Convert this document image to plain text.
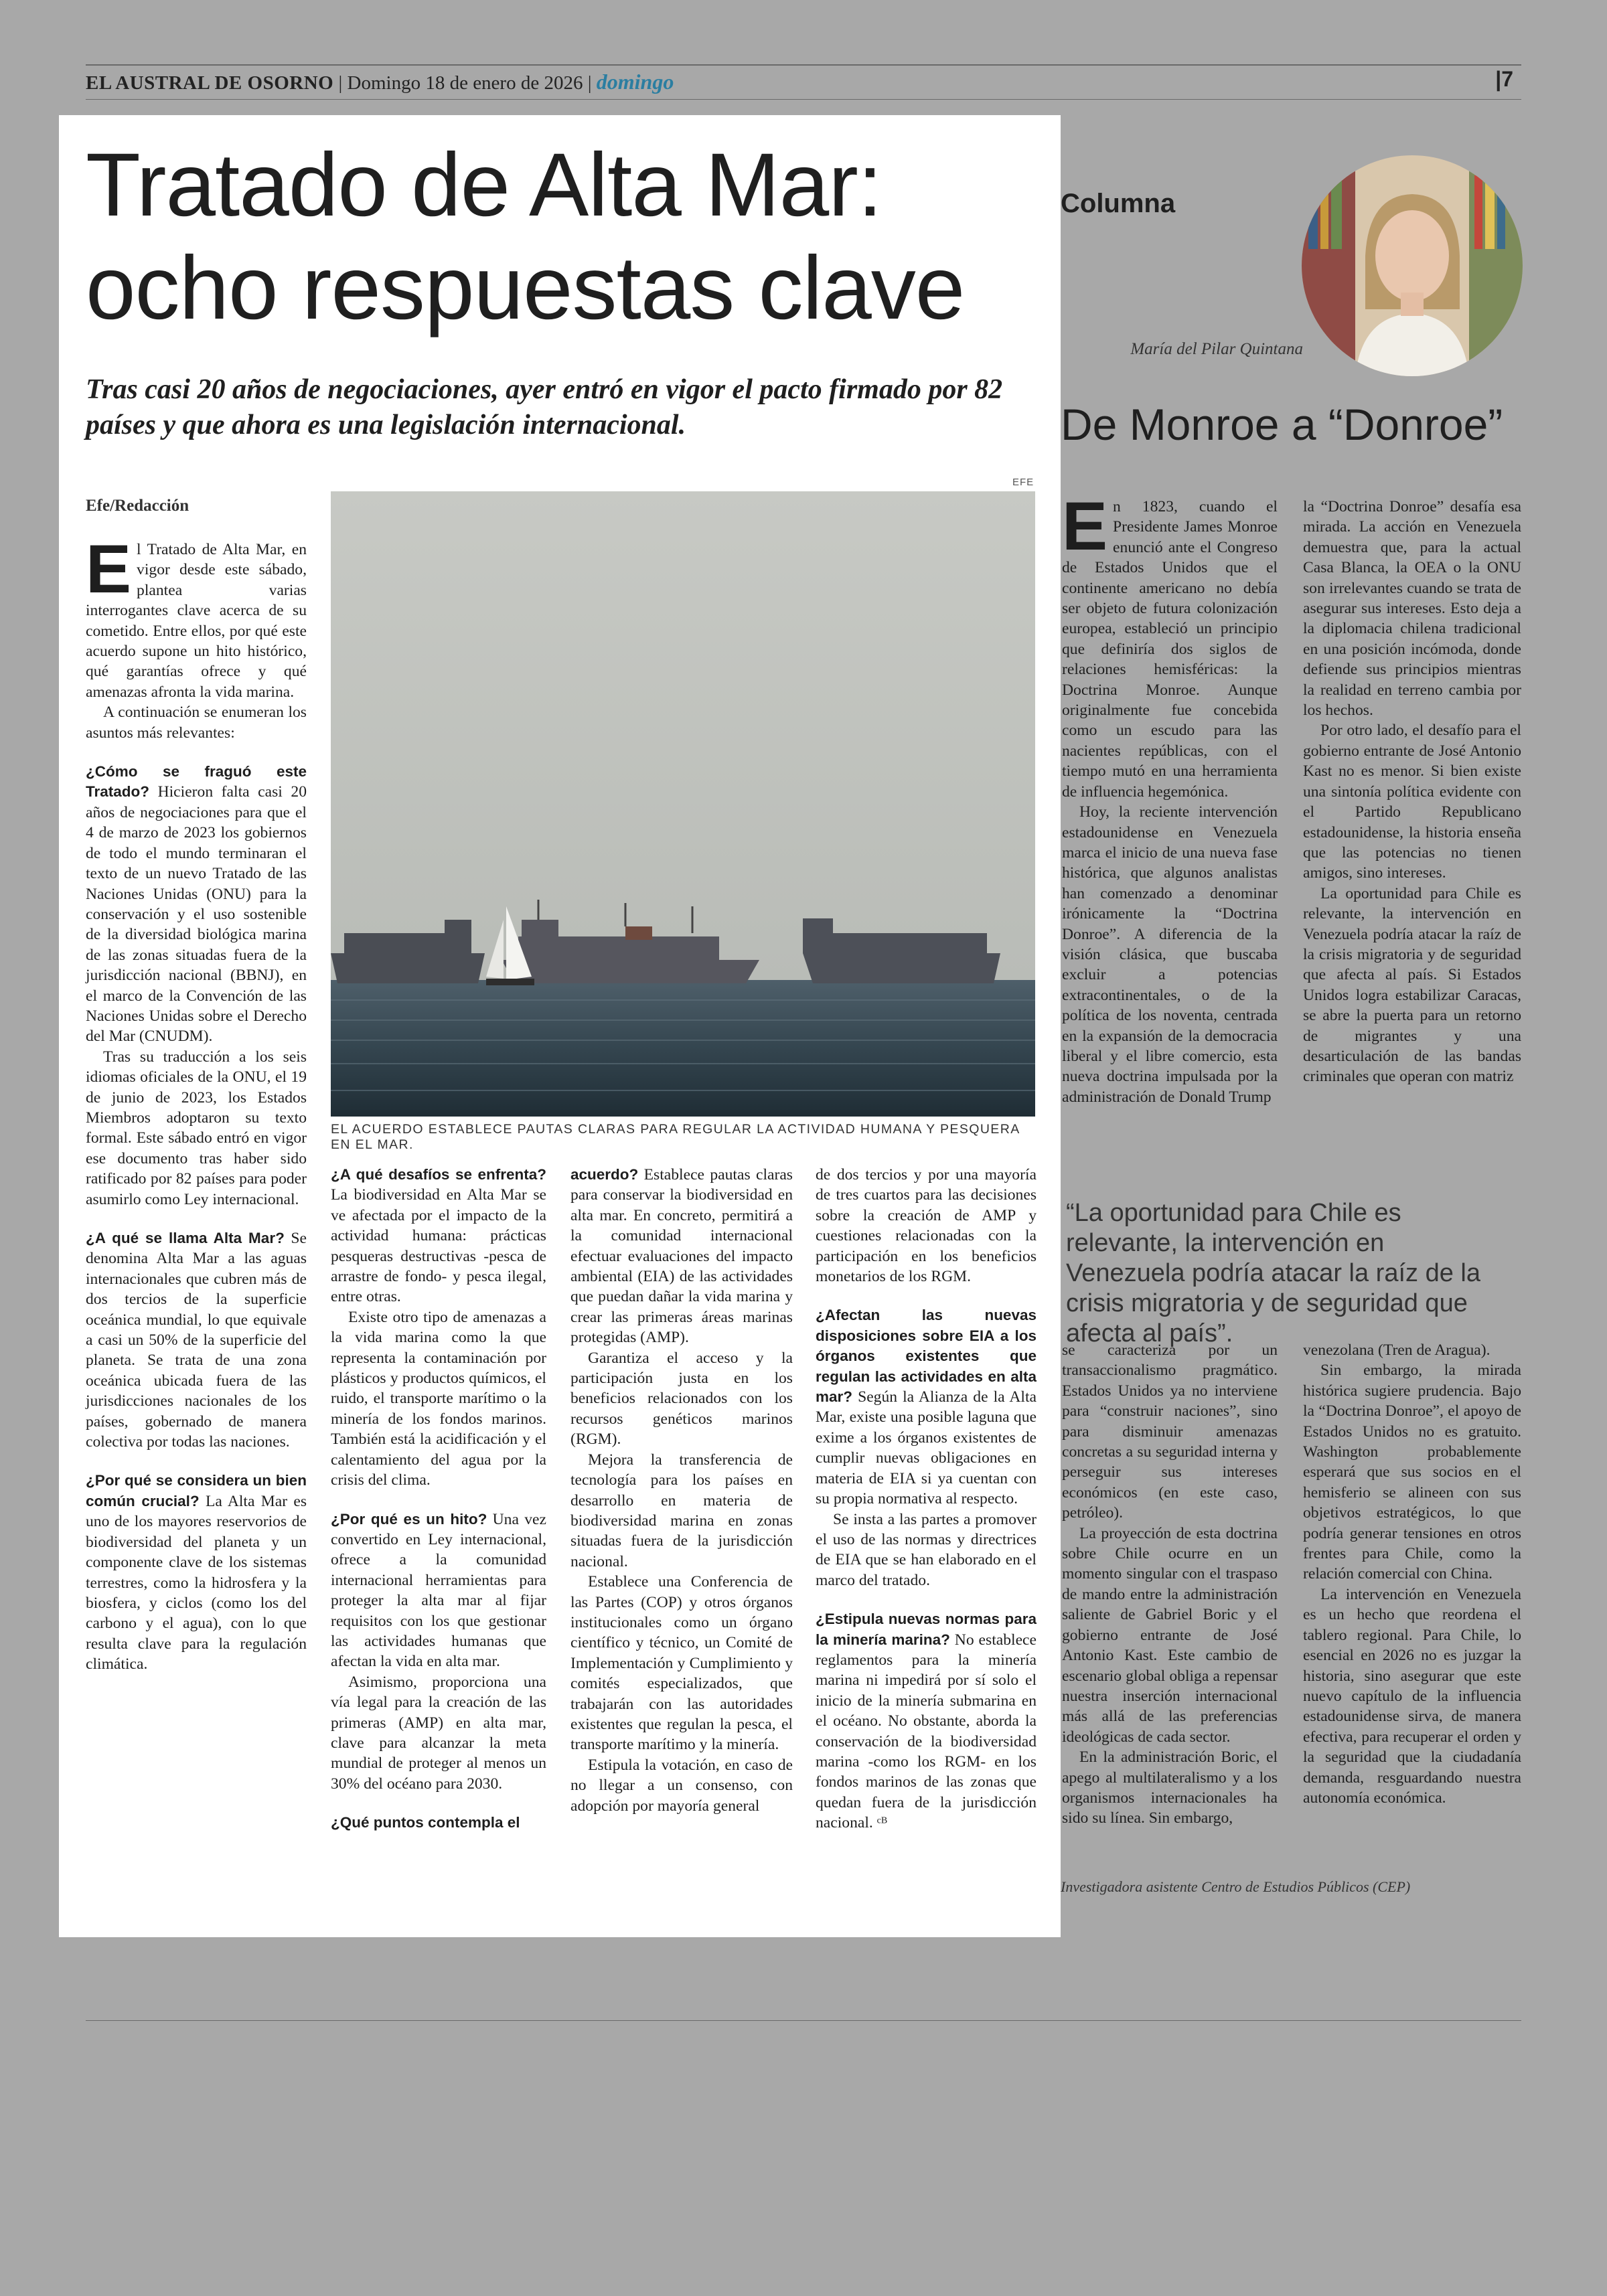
EL AUSTRAL DE OSORNO | Domingo 18 de enero de 2026 | domingo	|7
Tratado de Alta Mar:
ocho respuestas clave
Tras casi 20 años de negociaciones, ayer entró en vigor el pacto firmado por 82 países y que ahora es una legislación internacional.
Efe/Redacción

El Tratado de Alta Mar, en vigor desde este sábado, plantea varias interrogantes clave acerca de su cometido. Entre ellos, por qué este acuerdo supone un hito histórico, qué garantías ofrece y qué amenazas afronta la vida marina.

A continuación se enumeran los asuntos más relevantes:

¿Cómo se fraguó este Tratado? Hicieron falta casi 20 años de negociaciones para que el 4 de marzo de 2023 los gobiernos de todo el mundo terminaran el texto de un nuevo Tratado de las Naciones Unidas (ONU) para la conservación y el uso sostenible de la diversidad biológica marina de las zonas situadas fuera de la jurisdicción nacional (BBNJ), en el marco de la Convención de las Naciones Unidas sobre el Derecho del Mar (CNUDM).

Tras su traducción a los seis idiomas oficiales de la ONU, el 19 de junio de 2023, los Estados Miembros adoptaron su texto formal. Este sábado entró en vigor ese documento tras haber sido ratificado por 82 países para poder asumirlo como Ley internacional.

¿A qué se llama Alta Mar? Se denomina Alta Mar a las aguas internacionales que cubren más de dos tercios de la superficie oceánica mundial, lo que equivale a casi un 50% de la superficie del planeta. Se trata de una zona oceánica ubicada fuera de las jurisdicciones nacionales de los países, gobernado de manera colectiva por todas las naciones.

¿Por qué se considera un bien común crucial? La Alta Mar es uno de los mayores reservorios de biodiversidad del planeta y un componente clave de los sistemas terrestres, como la hidrosfera y la biosfera, y ciclos (como los del carbono y el agua), con lo que resulta clave para la regulación climática.

EFE
EL ACUERDO ESTABLECE PAUTAS CLARAS PARA REGULAR LA ACTIVIDAD HUMANA Y PESQUERA EN EL MAR.

¿A qué desafíos se enfrenta? La biodiversidad en Alta Mar se ve afectada por el impacto de la actividad humana: prácticas pesqueras destructivas -pesca de arrastre de fondo- y pesca ilegal, entre otras.

Existe otro tipo de amenazas a la vida marina como la que representa la contaminación por plásticos y productos químicos, el ruido, el transporte marítimo o la minería de los fondos marinos. También está la acidificación y el calentamiento del agua por la crisis del clima.

¿Por qué es un hito? Una vez convertido en Ley internacional, ofrece a la comunidad internacional herramientas para proteger la alta mar al fijar requisitos con los que gestionar las actividades humanas que afectan la vida en alta mar.

Asimismo, proporciona una vía legal para la creación de las primeras (AMP) en alta mar, clave para alcanzar la meta mundial de proteger al menos un 30% del océano para 2030.

¿Qué puntos contempla el

acuerdo? Establece pautas claras para conservar la biodiversidad en alta mar. En concreto, permitirá a la comunidad internacional efectuar evaluaciones del impacto ambiental (EIA) de las actividades que puedan dañar la vida marina y crear las primeras áreas marinas protegidas (AMP).

Garantiza el acceso y la participación justa en los beneficios relacionados con los recursos genéticos marinos (RGM).

Mejora la transferencia de tecnología para los países en desarrollo en materia de biodiversidad marina en zonas situadas fuera de la jurisdicción nacional.

Establece una Conferencia de las Partes (COP) y otros órganos institucionales como un órgano científico y técnico, un Comité de Implementación y Cumplimiento y comités especializados, que trabajarán con las autoridades existentes que regulan la pesca, el transporte marítimo y la minería.

Estipula la votación, en caso de no llegar a un consenso, con adopción por mayoría general

de dos tercios y por una mayoría de tres cuartos para las decisiones sobre la creación de AMP y cuestiones relacionadas con la participación en los beneficios monetarios de los RGM.

¿Afectan las nuevas disposiciones sobre EIA a los órganos existentes que regulan las actividades en alta mar? Según la Alianza de la Alta Mar, existe una posible laguna que exime a los órganos existentes de cumplir nuevas obligaciones en materia de EIA si ya cuentan con su propia normativa al respecto.

Se insta a las partes a promover el uso de las normas y directrices de EIA que se han elaborado en el marco del tratado.

¿Estipula nuevas normas para la minería marina? No establece reglamentos para la minería marina ni impedirá por sí solo el inicio de la minería submarina en el océano. No obstante, aborda la conservación de la biodiversidad marina -como los RGM- en los fondos marinos de las zonas que quedan fuera de la jurisdicción nacional. ᶜᴮ

Columna
María del Pilar Quintana
De Monroe a “Donroe”

En 1823, cuando el Presidente James Monroe enunció ante el Congreso de Estados Unidos que el continente americano no debía ser objeto de futura colonización europea, estableció un principio que definiría dos siglos de relaciones hemisféricas: la Doctrina Monroe. Aunque originalmente fue concebida como un escudo para las nacientes repúblicas, con el tiempo mutó en una herramienta de influencia hegemónica.

Hoy, la reciente intervención estadounidense en Venezuela marca el inicio de una nueva fase histórica, que algunos analistas han comenzado a denominar irónicamente la “Doctrina Donroe”. A diferencia de la visión clásica, que buscaba excluir a potencias extracontinentales, o de la política de los noventa, centrada en la expansión de la democracia liberal y el libre comercio, esta nueva doctrina impulsada por la administración de Donald Trump

la “Doctrina Donroe” desafía esa mirada. La acción en Venezuela demuestra que, para la actual Casa Blanca, la OEA o la ONU son irrelevantes cuando se trata de asegurar sus intereses. Esto deja a la diplomacia chilena tradicional en una posición incómoda, donde defiende sus principios mientras la realidad en terreno cambia por los hechos.

Por otro lado, el desafío para el gobierno entrante de José Antonio Kast no es menor. Si bien existe una sintonía política evidente con el Partido Republicano estadounidense, la historia enseña que las potencias no tienen amigos, sino intereses.

La oportunidad para Chile es relevante, la intervención en Venezuela podría atacar la raíz de la crisis migratoria y de seguridad que afecta al país. Si Estados Unidos logra estabilizar Caracas, se abre la puerta para un retorno de migrantes y una desarticulación de las bandas criminales que operan con matriz

“La oportunidad para Chile es relevante, la intervención en Venezuela podría atacar la raíz de la crisis migratoria y de seguridad que afecta al país”.

se caracteriza por un transaccionalismo pragmático. Estados Unidos ya no interviene para “construir naciones”, sino para disminuir amenazas concretas a su seguridad interna y perseguir sus intereses económicos (en este caso, petróleo).

La proyección de esta doctrina sobre Chile ocurre en un momento singular con el traspaso de mando entre la administración saliente de Gabriel Boric y el gobierno entrante de José Antonio Kast. Este cambio de escenario global obliga a repensar nuestra inserción internacional más allá de las preferencias ideológicas de cada sector.

En la administración Boric, el apego al multilateralismo y a los organismos internacionales ha sido su línea. Sin embargo,

venezolana (Tren de Aragua).

Sin embargo, la mirada histórica sugiere prudencia. Bajo la “Doctrina Donroe”, el apoyo de Estados Unidos no es gratuito. Washington probablemente esperará que sus socios en el hemisferio se alineen con sus objetivos estratégicos, lo que podría generar tensiones en otros frentes para Chile, como la relación comercial con China.

La intervención en Venezuela es un hecho que reordena el tablero regional. Para Chile, lo esencial en 2026 no es juzgar la historia, sino asegurar que este nuevo capítulo de la influencia estadounidense sirva, de manera efectiva, para recuperar el orden y la seguridad que la ciudadanía demanda, resguardando nuestra autonomía económica.

Investigadora asistente Centro de Estudios Públicos (CEP)
